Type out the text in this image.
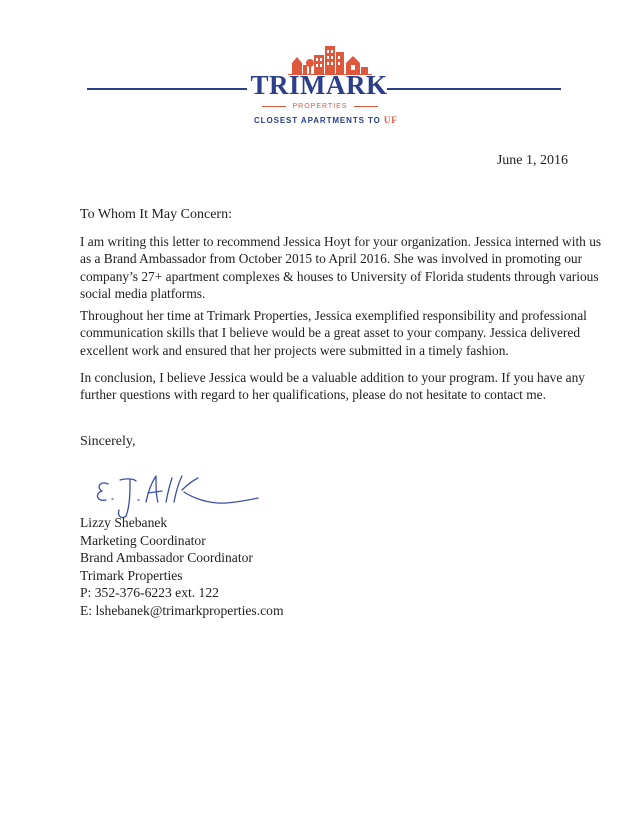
TRIMARK
PROPERTIES
CLOSEST APARTMENTS TO UF
June 1, 2016
To Whom It May Concern:
I am writing this letter to recommend Jessica Hoyt for your organization. Jessica interned with us
as a Brand Ambassador from October 2015 to April 2016. She was involved in promoting our
company’s 27+ apartment complexes & houses to University of Florida students through various
social media platforms.
Throughout her time at Trimark Properties, Jessica exemplified responsibility and professional
communication skills that I believe would be a great asset to your company. Jessica delivered
excellent work and ensured that her projects were submitted in a timely fashion.
In conclusion, I believe Jessica would be a valuable addition to your program. If you have any
further questions with regard to her qualifications, please do not hesitate to contact me.
Sincerely,
Lizzy Shebanek
Marketing Coordinator
Brand Ambassador Coordinator
Trimark Properties
P: 352-376-6223 ext. 122
E: lshebanek@trimarkproperties.com
